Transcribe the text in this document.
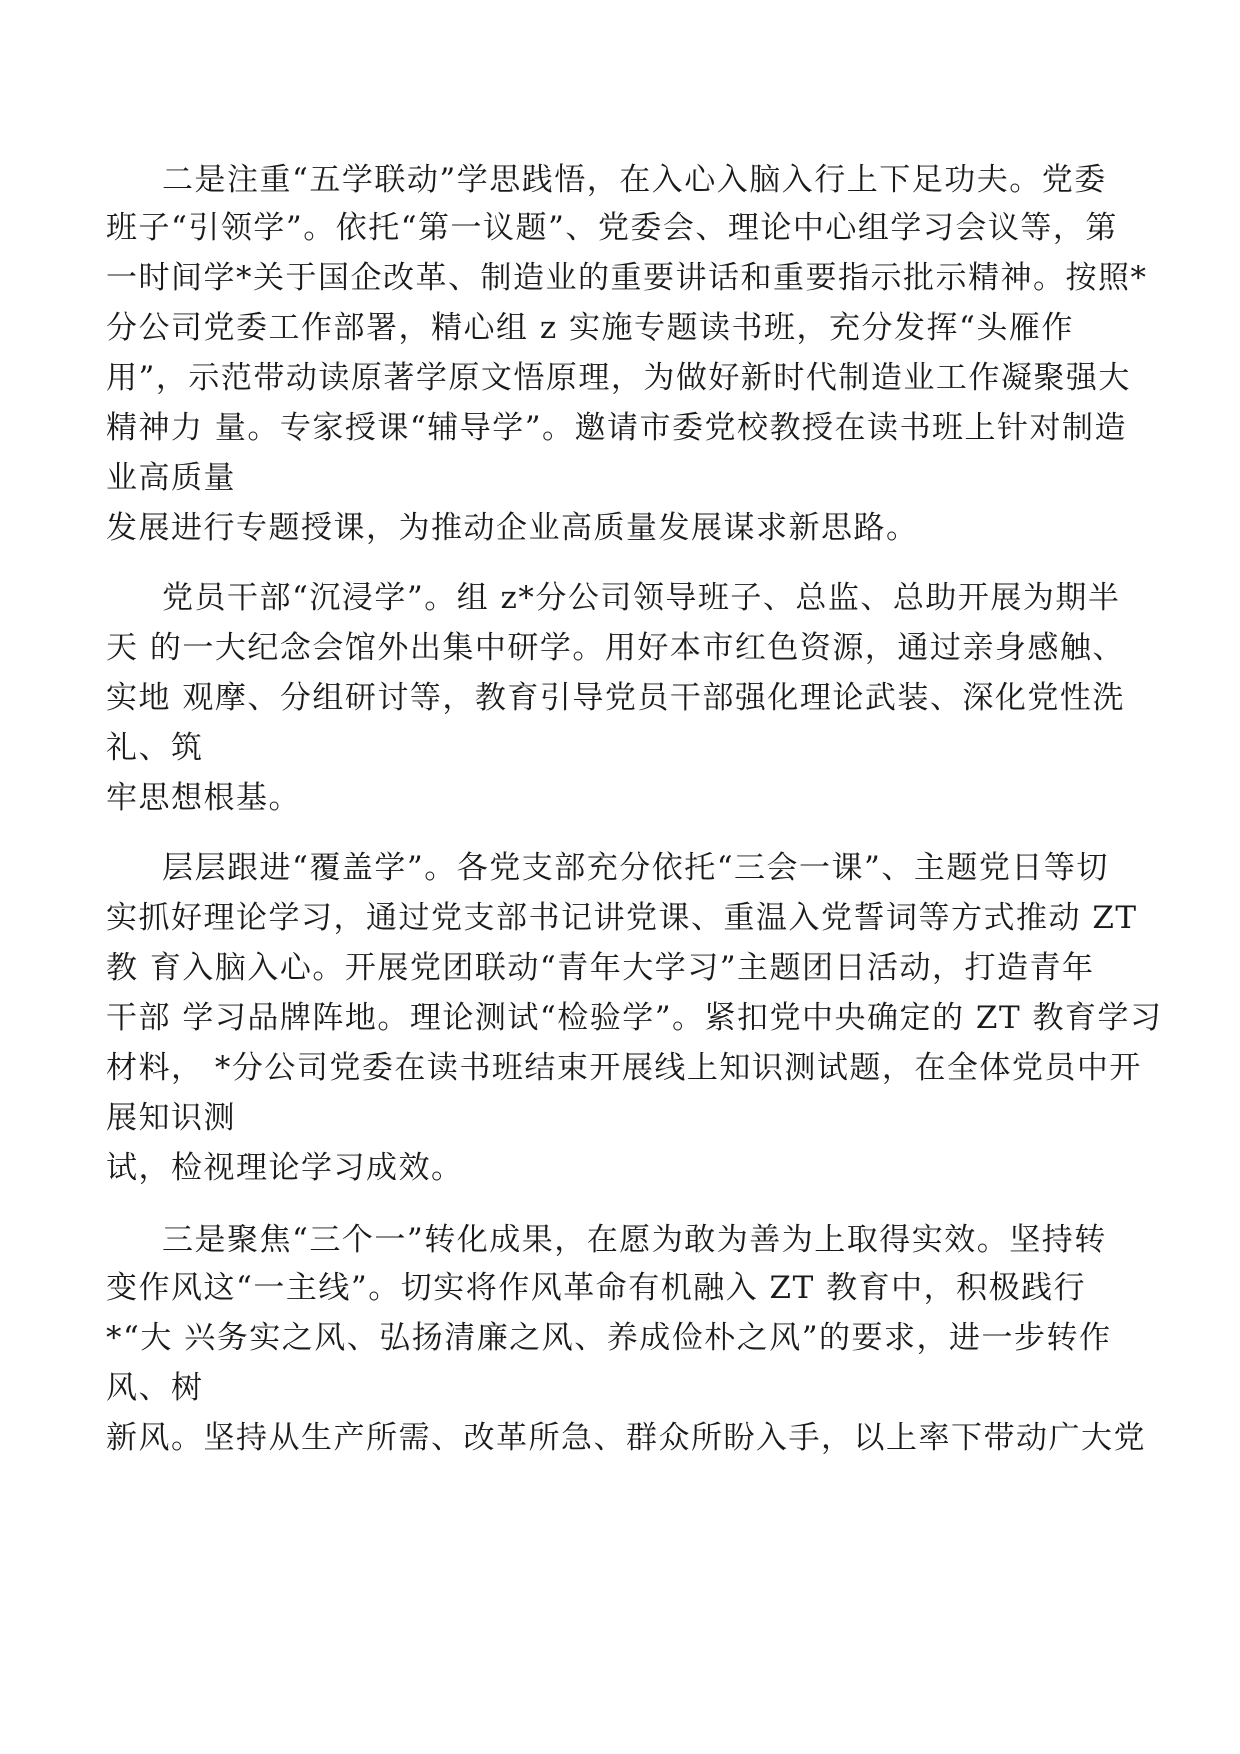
二是注重“五学联动”学思践悟，在入心入脑入行上下足功夫。党委
班子“引领学”。依托“第一议题”、党委会、理论中心组学习会议等，第
一时间学*关于国企改革、制造业的重要讲话和重要指示批示精神。按照*
分公司党委工作部署，精心组 z 实施专题读书班，充分发挥“头雁作
用”，示范带动读原著学原文悟原理，为做好新时代制造业工作凝聚强大
精神力 量。专家授课“辅导学”。邀请市委党校教授在读书班上针对制造
业高质量
发展进行专题授课，为推动企业高质量发展谋求新思路。
党员干部“沉浸学”。组 z*分公司领导班子、总监、总助开展为期半
天 的一大纪念会馆外出集中研学。用好本市红色资源，通过亲身感触、
实地 观摩、分组研讨等，教育引导党员干部强化理论武装、深化党性洗
礼、筑
牢思想根基。
层层跟进“覆盖学”。各党支部充分依托“三会一课”、主题党日等切
实抓好理论学习，通过党支部书记讲党课、重温入党誓词等方式推动 ZT
教 育入脑入心。开展党团联动“青年大学习”主题团日活动，打造青年
干部 学习品牌阵地。理论测试“检验学”。紧扣党中央确定的 ZT 教育学习
材料， *分公司党委在读书班结束开展线上知识测试题，在全体党员中开
展知识测
试，检视理论学习成效。
三是聚焦“三个一”转化成果，在愿为敢为善为上取得实效。坚持转
变作风这“一主线”。切实将作风革命有机融入 ZT 教育中，积极践行
*“大 兴务实之风、弘扬清廉之风、养成俭朴之风”的要求，进一步转作
风、树
新风。坚持从生产所需、改革所急、群众所盼入手，以上率下带动广大党
